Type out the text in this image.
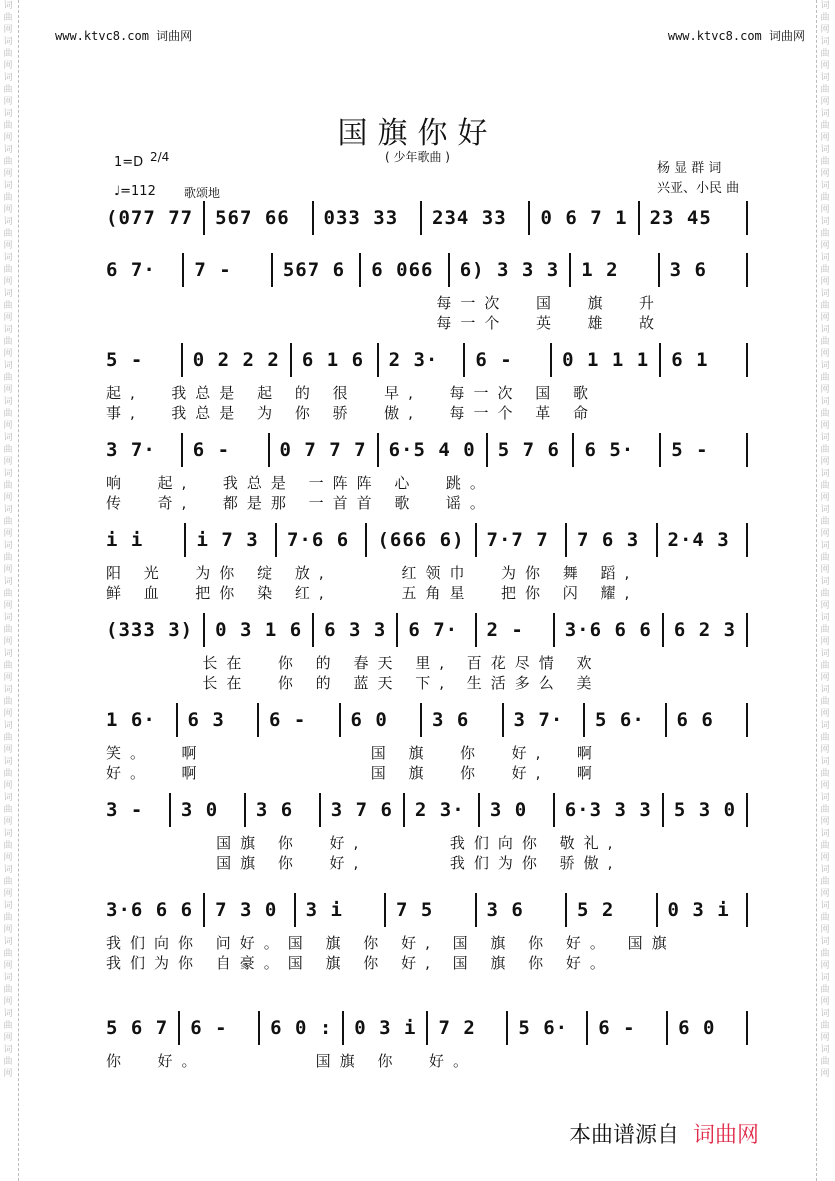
词曲网
词曲网
词曲网
词曲网
词曲网
词曲网
词曲网
词曲网
词曲网
词曲网
词曲网
词曲网
词曲网
词曲网
词曲网
词曲网
词曲网
词曲网
词曲网
词曲网
词曲网
词曲网
词曲网
词曲网
词曲网
词曲网
词曲网
词曲网
词曲网
词曲网
词曲网
词曲网
词曲网
词曲网
词曲网
词曲网
词曲网
词曲网
词曲网
词曲网
词曲网
词曲网
词曲网
词曲网
词曲网
词曲网
词曲网
词曲网
词曲网
词曲网
词曲网
词曲网
词曲网
词曲网
词曲网
词曲网
词曲网
词曲网
词曲网
词曲网
www.ktvc8.com 词曲网	www.ktvc8.com 词曲网
国旗你好
( 少年歌曲 )
1=D 2/4
♩=112 歌颂地
杨 显 群 词
兴亚、小民 曲
(077 77 567 66	033 33	234 33	0 6 7 1 23 45
6 7·	7 -	567 6 6 066 6) 3 3 3 1 2	3 6
每一次  国  旗  升
每一个  英  雄  故
5 -	0 2 2 2 6 1 6 2 3·	6 -	0 1 1 1 6 1
起,  我总是 起 的 很  早,  每一次 国 歌
事,  我总是 为 你 骄  傲,  每一个 革 命
3 7·	6 -	0 7 7 7 6·5 4 0 5 7 6 6 5·	5 -
响  起,  我总是 一阵阵 心  跳。
传  奇,  都是那 一首首 歌  谣。
i i	i 7 3	7·6 6	(666 6) 7·7 7	7 6 3	2·4 3
阳 光  为你 绽 放,     红领巾  为你 舞 蹈,
鲜 血  把你 染 红,     五角星  把你 闪 耀,
(333 3) 0 3 1 6 6 3 3 6 7·	2 -	3·6 6 6 6 2 3
长在  你 的 春天 里, 百花尽情 欢
长在  你 的 蓝天 下, 生活多么 美
1 6·	6 3	6 -	6 0	3 6	3 7·	5 6·	6 6
笑。  啊            国 旗  你  好,  啊
好。  啊            国 旗  你  好,  啊
3 -	3 0	3 6	3 7 6 2 3· 3 0	6·3 3 3 5 3 0
国旗 你  好,      我们向你 敬礼,
国旗 你  好,      我们为你 骄傲,
3·6 6 6 7 3 0	3 i	7 5	3 6	5 2	0 3 i
我们向你 问好。国 旗 你 好, 国 旗 你 好。 国旗
我们为你 自豪。国 旗 你 好, 国 旗 你 好。
5 6 7 6 -	6 0 : 0 3 i 7 2	5 6·	6 -	6 0
你  好。        国旗 你  好。
本曲谱源自 词曲网
